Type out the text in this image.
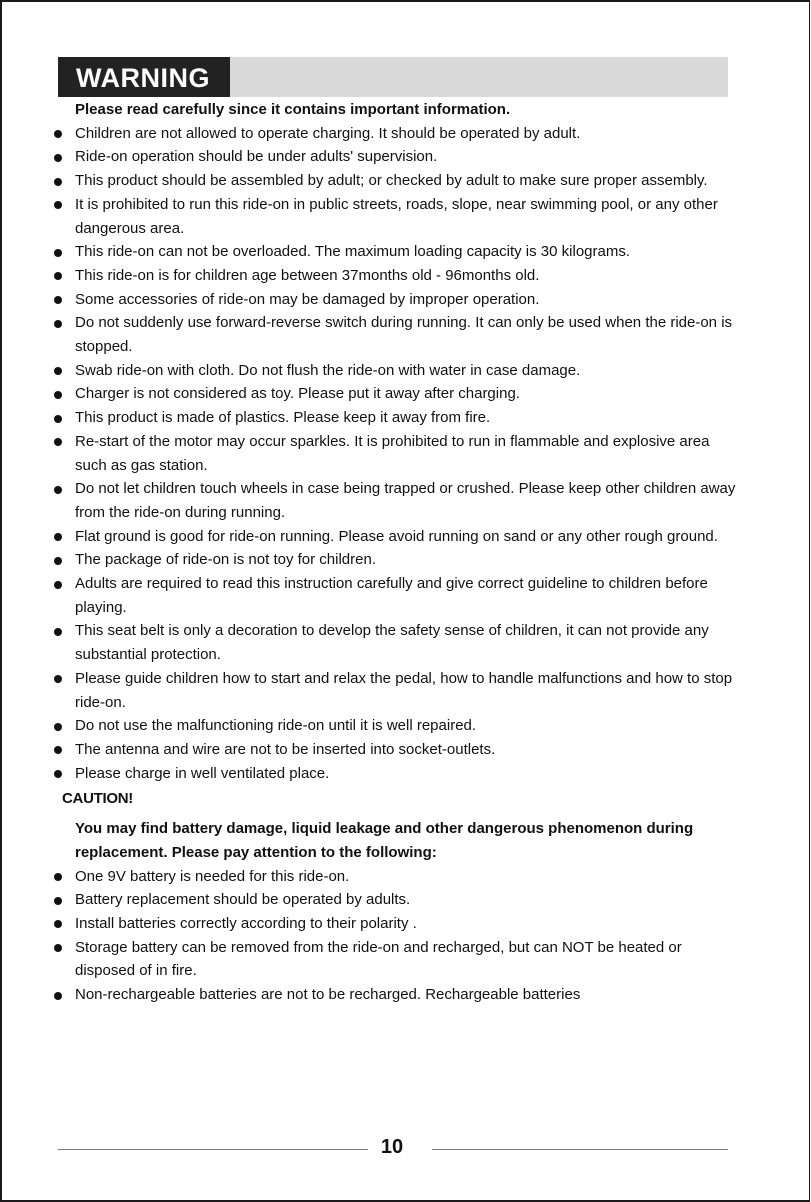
WARNING

Please read carefully since it contains important information.

Children are not allowed to operate charging. It should be operated by adult.
Ride-on operation should be under adults' supervision.
This product should be assembled by adult; or checked by adult to make sure proper assembly.
It is prohibited to run this ride-on in public streets, roads, slope, near swimming pool, or any other dangerous area.
This ride-on can not be overloaded. The maximum loading capacity is 30 kilograms.
This ride-on is for children age between 37months old - 96months old.
Some accessories of ride-on may be damaged by improper operation.
Do not suddenly use forward-reverse switch during running. It can only be used when the ride-on is stopped.
Swab ride-on with cloth. Do not flush the ride-on with water in case damage.
Charger is not considered as toy. Please put it away after charging.
This product is made of plastics. Please keep it away from fire.
Re-start of the motor may occur sparkles. It is prohibited to run in flammable and explosive area such as gas station.
Do not let children touch wheels in case being trapped or crushed. Please keep other children away from the ride-on during running.
Flat ground is good for ride-on running. Please avoid running on sand or any other rough ground.
The package of ride-on is not toy for children.
Adults are required to read this instruction carefully and give correct guideline to children before playing.
This seat belt is only a decoration to develop the safety sense of children, it can not provide any substantial protection.
Please guide children how to start and relax the pedal, how to handle malfunctions and how to stop ride-on.
Do not use the malfunctioning ride-on until it is well repaired.
The antenna and wire are not to be inserted into socket-outlets.
Please charge in well ventilated place.
CAUTION!

You may find battery damage, liquid leakage and other dangerous phenomenon during replacement. Please pay attention to the following:

One 9V battery is needed for this ride-on.
Battery replacement should be operated by adults.
Install batteries correctly according to their polarity .
Storage battery can be removed from the ride-on and recharged, but can NOT be heated or disposed of in fire.
Non-rechargeable batteries are not to be recharged. Rechargeable batteries
10
